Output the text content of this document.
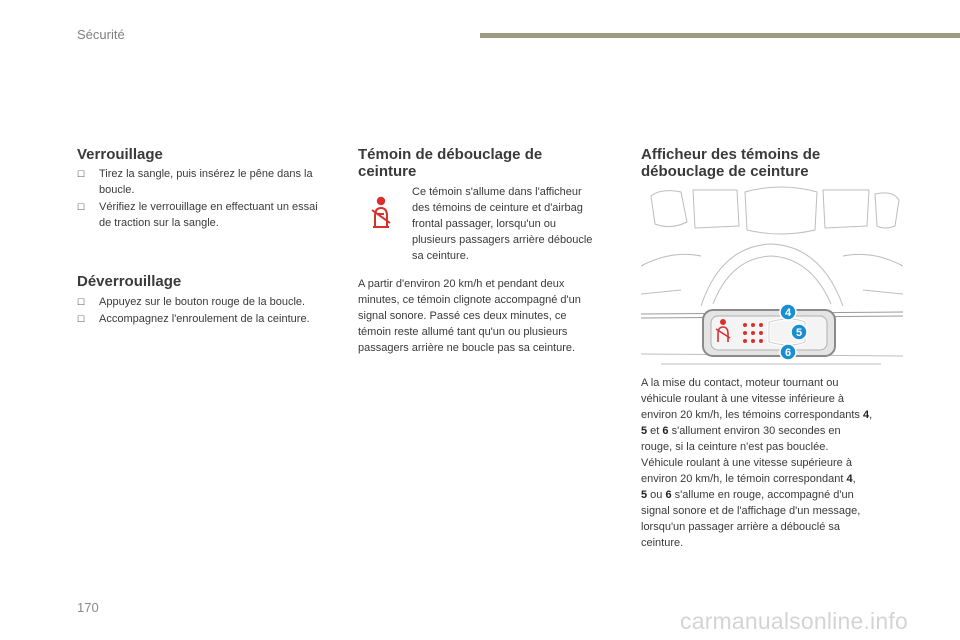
Sécurité
Verrouillage
☐	Tirez la sangle, puis insérez le pêne dans la boucle.
☐	Vérifiez le verrouillage en effectuant un essai de traction sur la sangle.
Déverrouillage
☐	Appuyez sur le bouton rouge de la boucle.
☐	Accompagnez l'enroulement de la ceinture.
Témoin de débouclage de
ceinture
Ce témoin s'allume dans l'afficheur
des témoins de ceinture et d'airbag
frontal passager, lorsqu'un ou
plusieurs passagers arrière déboucle
sa ceinture.
A partir d'environ 20 km/h et pendant deux
minutes, ce témoin clignote accompagné d'un
signal sonore. Passé ces deux minutes, ce
témoin reste allumé tant qu'un ou plusieurs
passagers arrière ne boucle pas sa ceinture.
Afficheur des témoins de
débouclage de ceinture
4
5
6
A la mise du contact, moteur tournant ou
véhicule roulant à une vitesse inférieure à
environ 20 km/h, les témoins correspondants 4,
5 et 6 s'allument environ 30 secondes en
rouge, si la ceinture n'est pas bouclée.
Véhicule roulant à une vitesse supérieure à
environ 20 km/h, le témoin correspondant 4,
5 ou 6 s'allume en rouge, accompagné d'un
signal sonore et de l'affichage d'un message,
lorsqu'un passager arrière a débouclé sa
ceinture.
170
carmanualsonline.info
